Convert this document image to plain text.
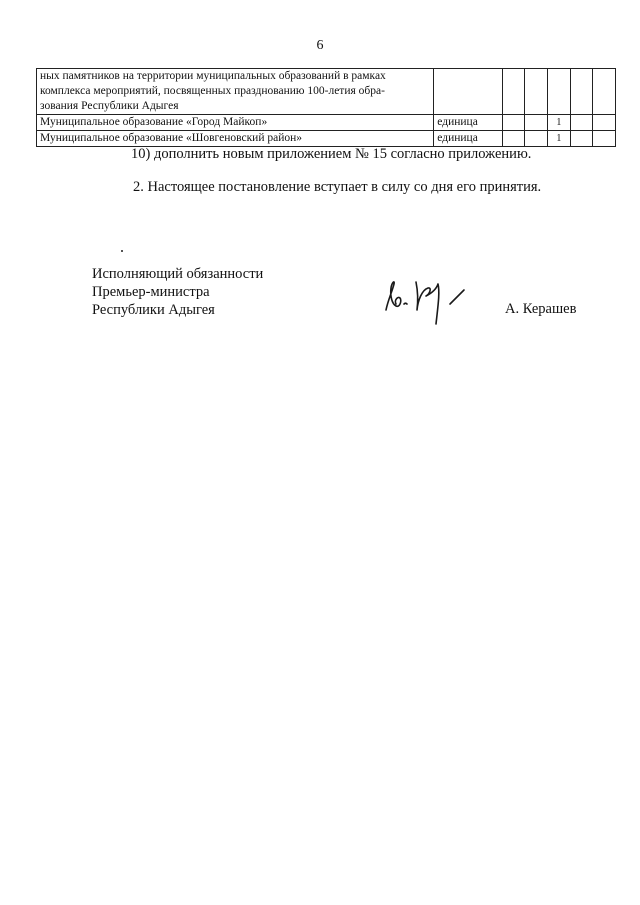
6
ных памятников на территории муниципальных образований в рамках
комплекса мероприятий, посвященных празднованию 100-летия обра-
зования Республики Адыгея						

Муниципальное образование «Город Майкоп»	единица			1		
Муниципальное образование «Шовгеновский район»	единица			1		
10) дополнить новым приложением № 15 согласно приложению.
2. Настоящее постановление вступает в силу со дня его принятия.
Исполняющий обязанности
Премьер-министра
Республики Адыгея	А. Керашев
